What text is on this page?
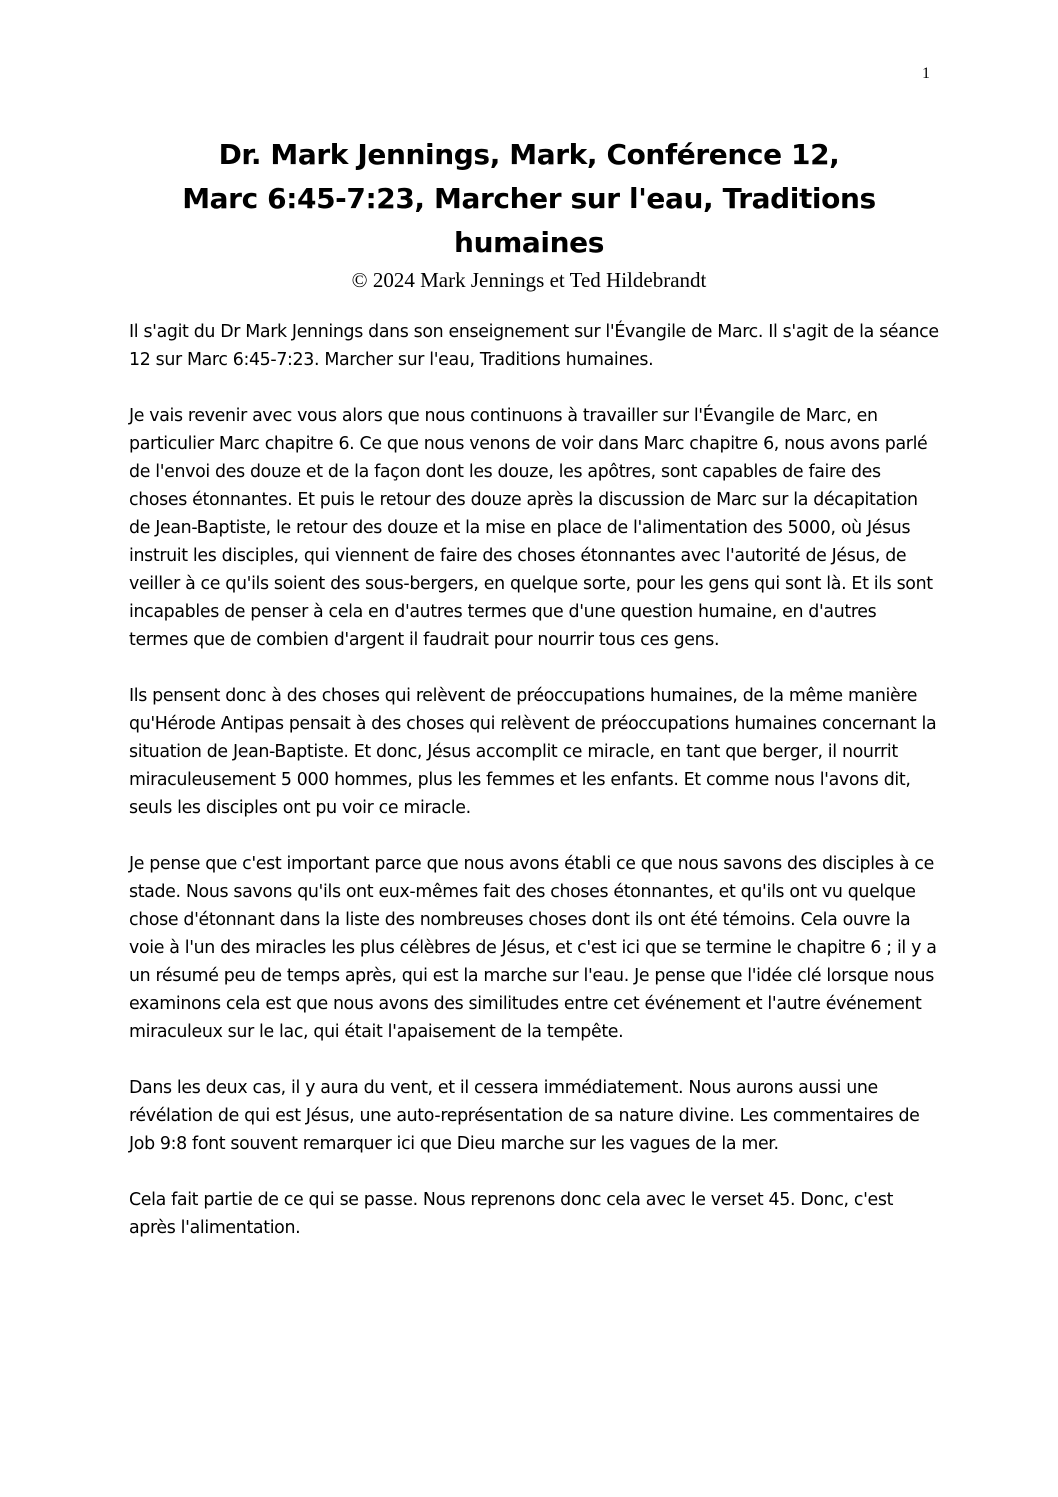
1
Dr. Mark Jennings, Mark, Conférence 12,
Marc 6:45-7:23, Marcher sur l'eau, Traditions
humaines
© 2024 Mark Jennings et Ted Hildebrandt

Il s'agit du Dr Mark Jennings dans son enseignement sur l'Évangile de Marc. Il s'agit de la séance 12 sur Marc 6:45-7:23. Marcher sur l'eau, Traditions humaines.

Je vais revenir avec vous alors que nous continuons à travailler sur l'Évangile de Marc, en particulier Marc chapitre 6. Ce que nous venons de voir dans Marc chapitre 6, nous avons parlé de l'envoi des douze et de la façon dont les douze, les apôtres, sont capables de faire des choses étonnantes. Et puis le retour des douze après la discussion de Marc sur la décapitation de Jean-Baptiste, le retour des douze et la mise en place de l'alimentation des 5000, où Jésus instruit les disciples, qui viennent de faire des choses étonnantes avec l'autorité de Jésus, de veiller à ce qu'ils soient des sous-bergers, en quelque sorte, pour les gens qui sont là. Et ils sont incapables de penser à cela en d'autres termes que d'une question humaine, en d'autres termes que de combien d'argent il faudrait pour nourrir tous ces gens.

Ils pensent donc à des choses qui relèvent de préoccupations humaines, de la même manière qu'Hérode Antipas pensait à des choses qui relèvent de préoccupations humaines concernant la situation de Jean-Baptiste. Et donc, Jésus accomplit ce miracle, en tant que berger, il nourrit miraculeusement 5 000 hommes, plus les femmes et les enfants. Et comme nous l'avons dit, seuls les disciples ont pu voir ce miracle.

Je pense que c'est important parce que nous avons établi ce que nous savons des disciples à ce stade. Nous savons qu'ils ont eux-mêmes fait des choses étonnantes, et qu'ils ont vu quelque chose d'étonnant dans la liste des nombreuses choses dont ils ont été témoins. Cela ouvre la voie à l'un des miracles les plus célèbres de Jésus, et c'est ici que se termine le chapitre 6 ; il y a un résumé peu de temps après, qui est la marche sur l'eau. Je pense que l'idée clé lorsque nous examinons cela est que nous avons des similitudes entre cet événement et l'autre événement miraculeux sur le lac, qui était l'apaisement de la tempête.

Dans les deux cas, il y aura du vent, et il cessera immédiatement. Nous aurons aussi une révélation de qui est Jésus, une auto-représentation de sa nature divine. Les commentaires de Job 9:8 font souvent remarquer ici que Dieu marche sur les vagues de la mer.

Cela fait partie de ce qui se passe. Nous reprenons donc cela avec le verset 45. Donc, c'est après l'alimentation.
